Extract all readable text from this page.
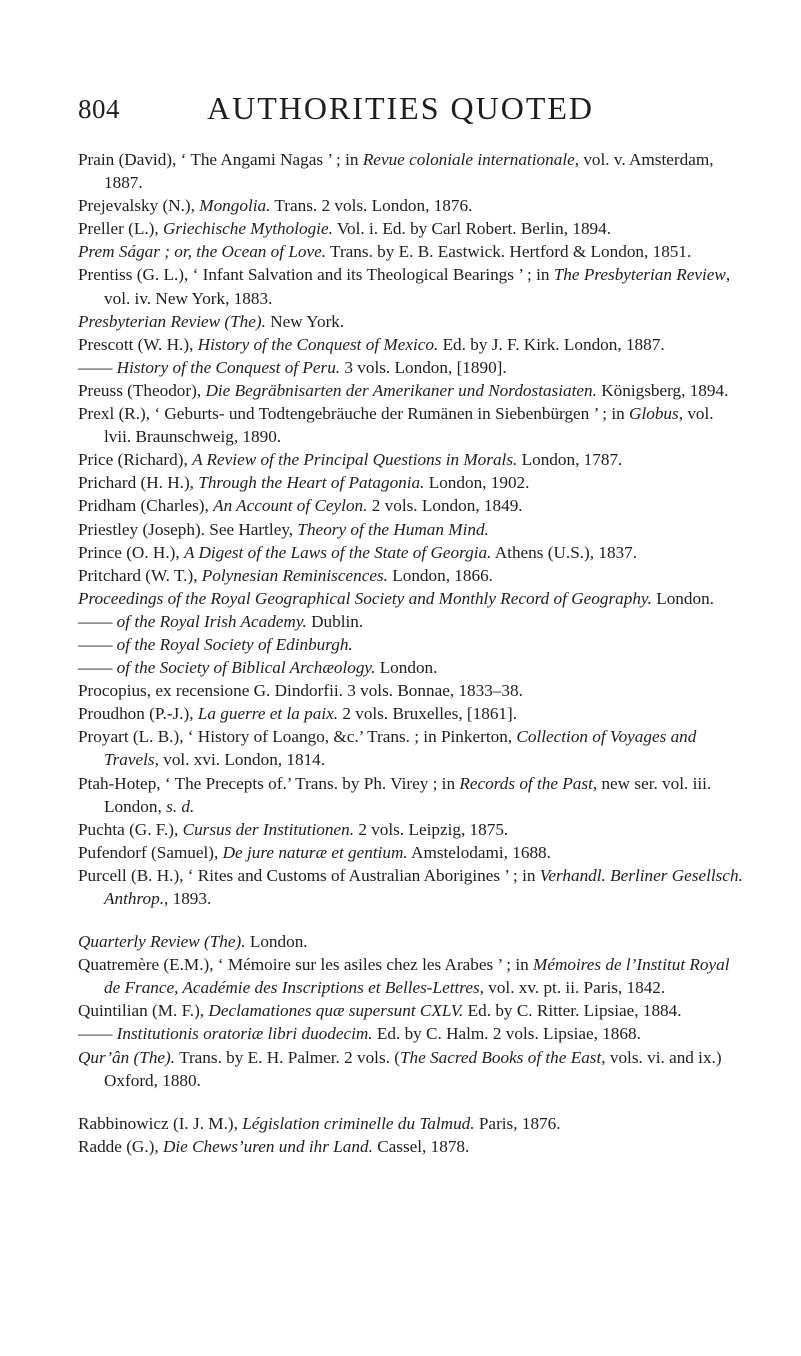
804	AUTHORITIES QUOTED

Prain (David), ‘ The Angami Nagas ’ ; in Revue coloniale internationale, vol. v. Amsterdam, 1887.

Prejevalsky (N.), Mongolia. Trans. 2 vols. London, 1876.

Preller (L.), Griechische Mythologie. Vol. i. Ed. by Carl Robert. Berlin, 1894.

Prem Ságar ; or, the Ocean of Love. Trans. by E. B. Eastwick. Hertford & London, 1851.

Prentiss (G. L.), ‘ Infant Salvation and its Theological Bearings ’ ; in The Presbyterian Review, vol. iv. New York, 1883.

Presbyterian Review (The). New York.

Prescott (W. H.), History of the Conquest of Mexico. Ed. by J. F. Kirk. London, 1887.

—— History of the Conquest of Peru. 3 vols. London, [1890].

Preuss (Theodor), Die Begräbnisarten der Amerikaner und Nordostasiaten. Königsberg, 1894.

Prexl (R.), ‘ Geburts- und Todtengebräuche der Rumänen in Siebenbürgen ’ ; in Globus, vol. lvii. Braunschweig, 1890.

Price (Richard), A Review of the Principal Questions in Morals. London, 1787.

Prichard (H. H.), Through the Heart of Patagonia. London, 1902.

Pridham (Charles), An Account of Ceylon. 2 vols. London, 1849.

Priestley (Joseph). See Hartley, Theory of the Human Mind.

Prince (O. H.), A Digest of the Laws of the State of Georgia. Athens (U.S.), 1837.

Pritchard (W. T.), Polynesian Reminiscences. London, 1866.

Proceedings of the Royal Geographical Society and Monthly Record of Geography. London.

—— of the Royal Irish Academy. Dublin.

—— of the Royal Society of Edinburgh.

—— of the Society of Biblical Archæology. London.

Procopius, ex recensione G. Dindorfii. 3 vols. Bonnae, 1833–38.

Proudhon (P.-J.), La guerre et la paix. 2 vols. Bruxelles, [1861].

Proyart (L. B.), ‘ History of Loango, &c.’ Trans. ; in Pinkerton, Collection of Voyages and Travels, vol. xvi. London, 1814.

Ptah-Hotep, ‘ The Precepts of.’ Trans. by Ph. Virey ; in Records of the Past, new ser. vol. iii. London, s. d.

Puchta (G. F.), Cursus der Institutionen. 2 vols. Leipzig, 1875.

Pufendorf (Samuel), De jure naturæ et gentium. Amstelodami, 1688.

Purcell (B. H.), ‘ Rites and Customs of Australian Aborigines ’ ; in Verhandl. Berliner Gesellsch. Anthrop., 1893.

Quarterly Review (The). London.

Quatremère (E.M.), ‘ Mémoire sur les asiles chez les Arabes ’ ; in Mémoires de l’Institut Royal de France, Académie des Inscriptions et Belles-Lettres, vol. xv. pt. ii. Paris, 1842.

Quintilian (M. F.), Declamationes quæ supersunt CXLV. Ed. by C. Ritter. Lipsiae, 1884.

—— Institutionis oratoriæ libri duodecim. Ed. by C. Halm. 2 vols. Lipsiae, 1868.

Qur’ân (The). Trans. by E. H. Palmer. 2 vols. (The Sacred Books of the East, vols. vi. and ix.) Oxford, 1880.

Rabbinowicz (I. J. M.), Législation criminelle du Talmud. Paris, 1876.

Radde (G.), Die Chews’uren und ihr Land. Cassel, 1878.
